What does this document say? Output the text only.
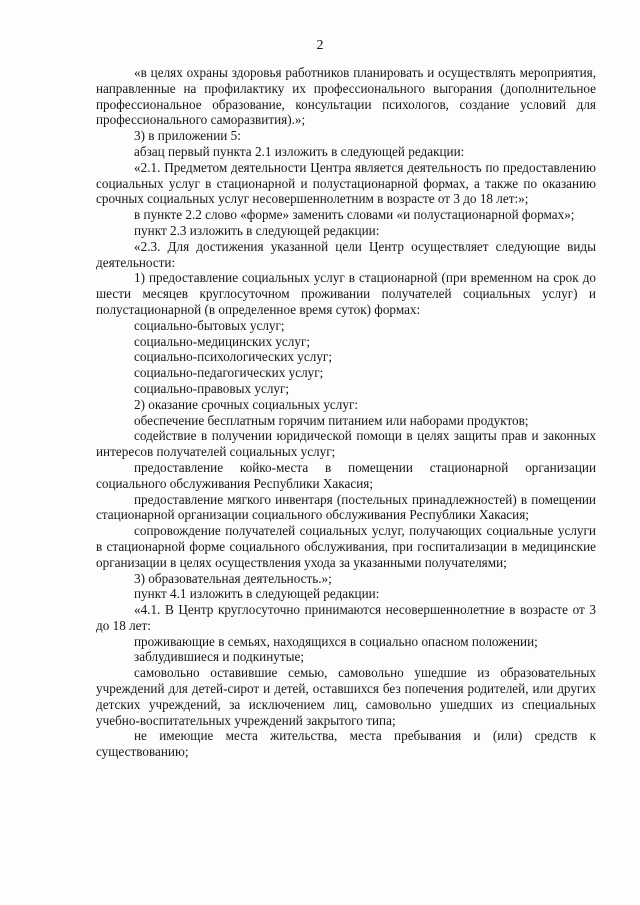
2

«в целях охраны здоровья работников планировать и осуществлять мероприятия, направленные на профилактику их профессионального выгорания (дополнительное профессиональное образование, консультации психологов, создание условий для профессионального саморазвития).»;

3) в приложении 5:

абзац первый пункта 2.1 изложить в следующей редакции:

«2.1. Предметом деятельности Центра является деятельность по предоставлению социальных услуг в стационарной и полустационарной формах, а также по оказанию срочных социальных услуг несовершеннолетним в возрасте от 3 до 18 лет:»;

в пункте 2.2 слово «форме» заменить словами «и полустационарной формах»;

пункт 2.3 изложить в следующей редакции:

«2.3. Для достижения указанной цели Центр осуществляет следующие виды деятельности:

1) предоставление социальных услуг в стационарной (при временном на срок до шести месяцев круглосуточном проживании получателей социальных услуг) и полустационарной (в определенное время суток) формах:

социально-бытовых услуг;

социально-медицинских услуг;

социально-психологических услуг;

социально-педагогических услуг;

социально-правовых услуг;

2) оказание срочных социальных услуг:

обеспечение бесплатным горячим питанием или наборами продуктов;

содействие в получении юридической помощи в целях защиты прав и законных интересов получателей социальных услуг;

предоставление койко-места в помещении стационарной организации социального обслуживания Республики Хакасия;

предоставление мягкого инвентаря (постельных принадлежностей) в помещении стационарной организации социального обслуживания Республики Хакасия;

сопровождение получателей социальных услуг, получающих социальные услуги в стационарной форме социального обслуживания, при госпитализации в медицинские организации в целях осуществления ухода за указанными получателями;

3) образовательная деятельность.»;

пункт 4.1 изложить в следующей редакции:

«4.1. В Центр круглосуточно принимаются несовершеннолетние в возрасте от 3 до 18 лет:

проживающие в семьях, находящихся в социально опасном положении;

заблудившиеся и подкинутые;

самовольно оставившие семью, самовольно ушедшие из образовательных учреждений для детей-сирот и детей, оставшихся без попечения родителей, или других детских учреждений, за исключением лиц, самовольно ушедших из специальных учебно-воспитательных учреждений закрытого типа;

не имеющие места жительства, места пребывания и (или) средств к существованию;
